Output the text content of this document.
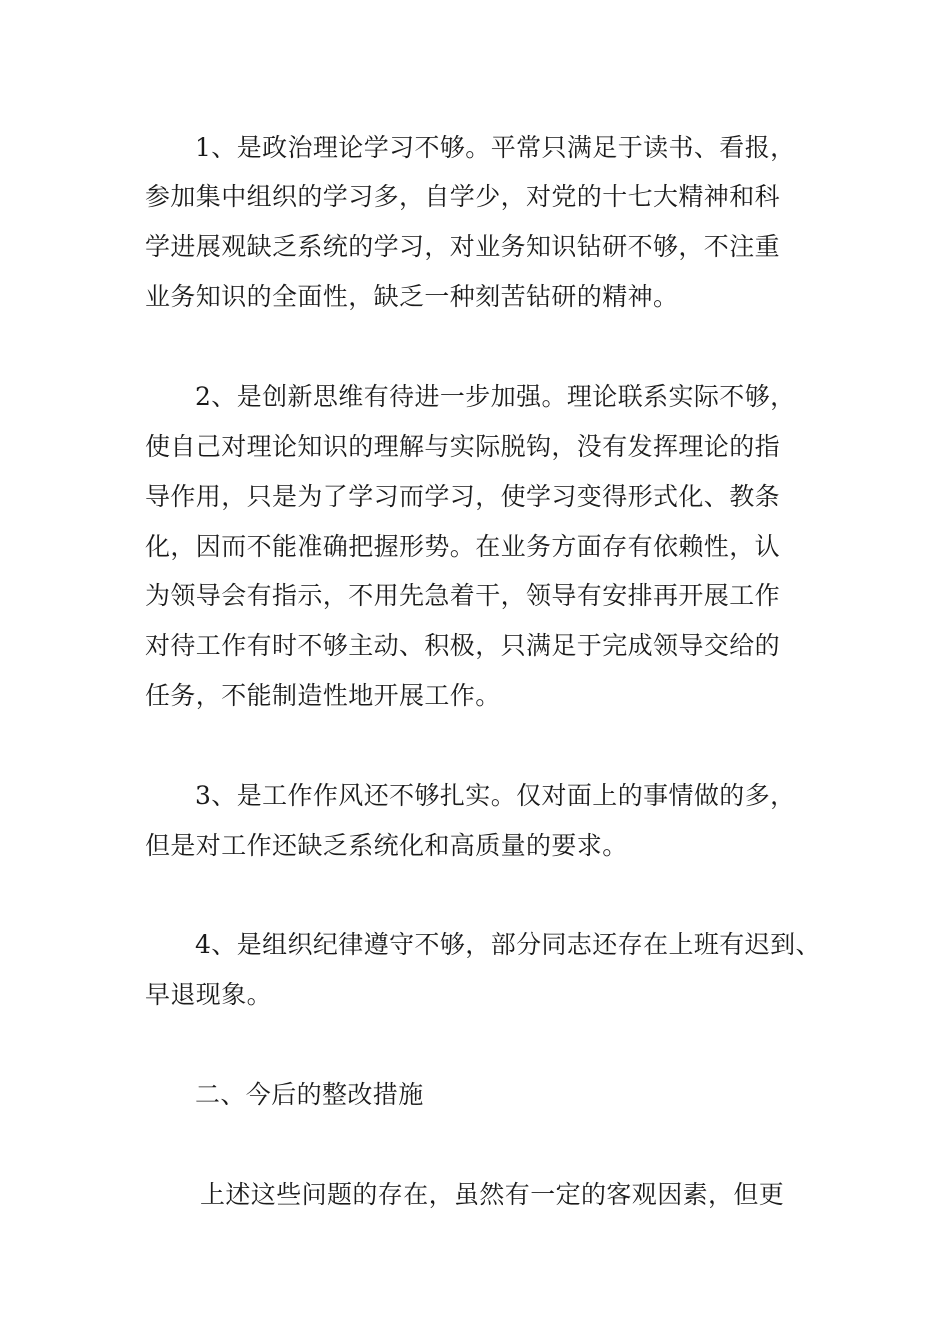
1、是政治理论学习不够。平常只满足于读书、看报，
参加集中组织的学习多，自学少，对党的十七大精神和科
学进展观缺乏系统的学习，对业务知识钻研不够，不注重
业务知识的全面性，缺乏一种刻苦钻研的精神。
2、是创新思维有待进一步加强。理论联系实际不够，
使自己对理论知识的理解与实际脱钩，没有发挥理论的指
导作用，只是为了学习而学习，使学习变得形式化、教条
化，因而不能准确把握形势。在业务方面存有依赖性，认
为领导会有指示，不用先急着干，领导有安排再开展工作
对待工作有时不够主动、积极，只满足于完成领导交给的
任务，不能制造性地开展工作。
3、是工作作风还不够扎实。仅对面上的事情做的多，
但是对工作还缺乏系统化和高质量的要求。
4、是组织纪律遵守不够，部分同志还存在上班有迟到、
早退现象。
二、今后的整改措施
上述这些问题的存在，虽然有一定的客观因素，但更
